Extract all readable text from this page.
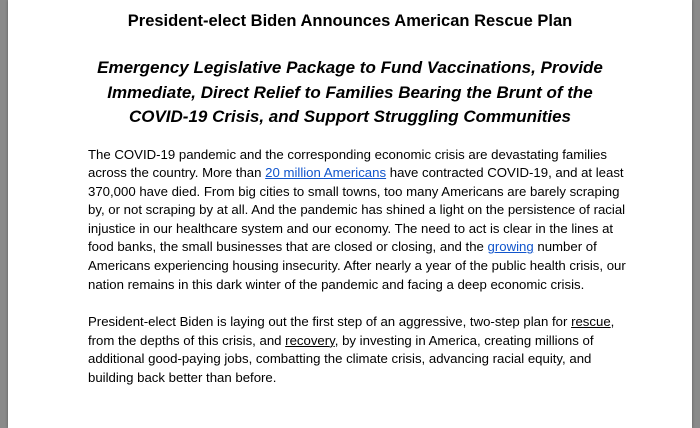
President-elect Biden Announces American Rescue Plan
Emergency Legislative Package to Fund Vaccinations, Provide Immediate, Direct Relief to Families Bearing the Brunt of the COVID-19 Crisis, and Support Struggling Communities

The COVID-19 pandemic and the corresponding economic crisis are devastating families across the country. More than 20 million Americans have contracted COVID-19, and at least 370,000 have died. From big cities to small towns, too many Americans are barely scraping by, or not scraping by at all. And the pandemic has shined a light on the persistence of racial injustice in our healthcare system and our economy. The need to act is clear in the lines at food banks, the small businesses that are closed or closing, and the growing number of Americans experiencing housing insecurity. After nearly a year of the public health crisis, our nation remains in this dark winter of the pandemic and facing a deep economic crisis.

President-elect Biden is laying out the first step of an aggressive, two-step plan for rescue, from the depths of this crisis, and recovery, by investing in America, creating millions of additional good-paying jobs, combatting the climate crisis, advancing racial equity, and building back better than before.
